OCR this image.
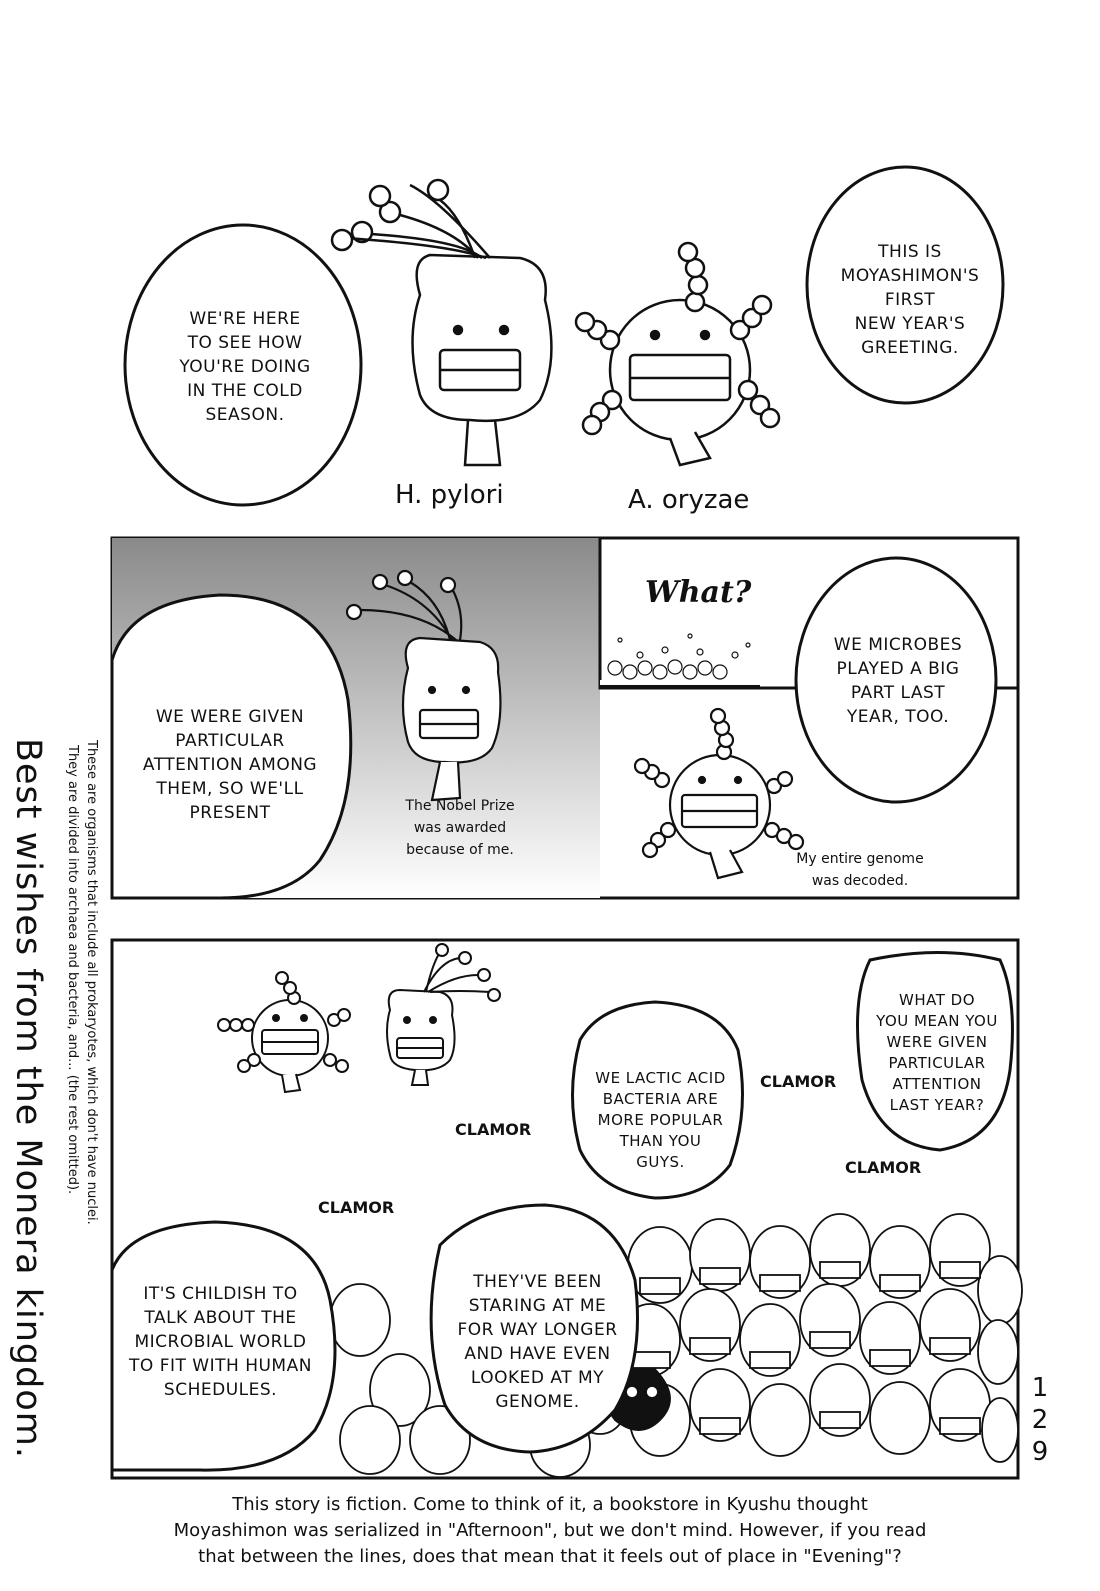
WE'RE HERE
TO SEE HOW
YOU'RE DOING
IN THE COLD
SEASON.
THIS IS
MOYASHIMON'S
FIRST
NEW YEAR'S
GREETING.
H. pylori	A. oryzae
WE WERE GIVEN
PARTICULAR
ATTENTION AMONG
THEM, SO WE'LL
PRESENT
What?
WE MICROBES
PLAYED A BIG
PART LAST
YEAR, TOO.
The Nobel Prize
was awarded
because of me.
My entire genome
was decoded.
WHAT DO
YOU MEAN YOU
WERE GIVEN
PARTICULAR
ATTENTION
LAST YEAR?
WE LACTIC ACID
BACTERIA ARE
MORE POPULAR
THAN YOU
GUYS.
IT'S CHILDISH TO
TALK ABOUT THE
MICROBIAL WORLD
TO FIT WITH HUMAN
SCHEDULES.
THEY'VE BEEN
STARING AT ME
FOR WAY LONGER
AND HAVE EVEN
LOOKED AT MY
GENOME.
CLAMOR
CLAMOR
CLAMOR
CLAMOR
Best wishes from the Monera kingdom.	These are organisms that include all prokaryotes, which don't have nuclei.
They are divided into archaea and bacteria, and... (the rest omitted).
129
This story is fiction. Come to think of it, a bookstore in Kyushu thought
Moyashimon was serialized in "Afternoon", but we don't mind. However, if you read
that between the lines, does that mean that it feels out of place in "Evening"?
